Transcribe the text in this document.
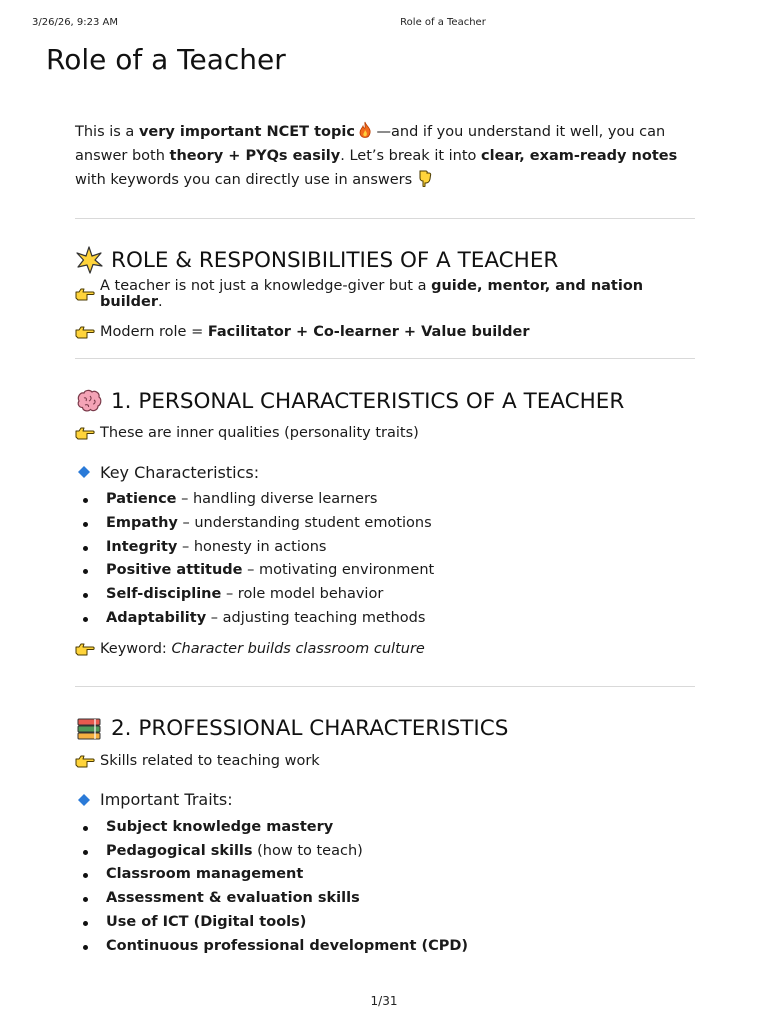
3/26/26, 9:23 AM	Role of a Teacher
Role of a Teacher

This is a very important NCET topic —and if you understand it well, you can answer both theory + PYQs easily. Let’s break it into clear, exam-ready notes with keywords you can directly use in answers

ROLE & RESPONSIBILITIES OF A TEACHER
A teacher is not just a knowledge-giver but a guide, mentor, and nation builder.
Modern role = Facilitator + Co-learner + Value builder
1. PERSONAL CHARACTERISTICS OF A TEACHER
These are inner qualities (personality traits)
Key Characteristics:
Patience – handling diverse learners
Empathy – understanding student emotions
Integrity – honesty in actions
Positive attitude – motivating environment
Self-discipline – role model behavior
Adaptability – adjusting teaching methods
Keyword: Character builds classroom culture
2. PROFESSIONAL CHARACTERISTICS
Skills related to teaching work
Important Traits:
Subject knowledge mastery
Pedagogical skills (how to teach)
Classroom management
Assessment & evaluation skills
Use of ICT (Digital tools)
Continuous professional development (CPD)
1/31
